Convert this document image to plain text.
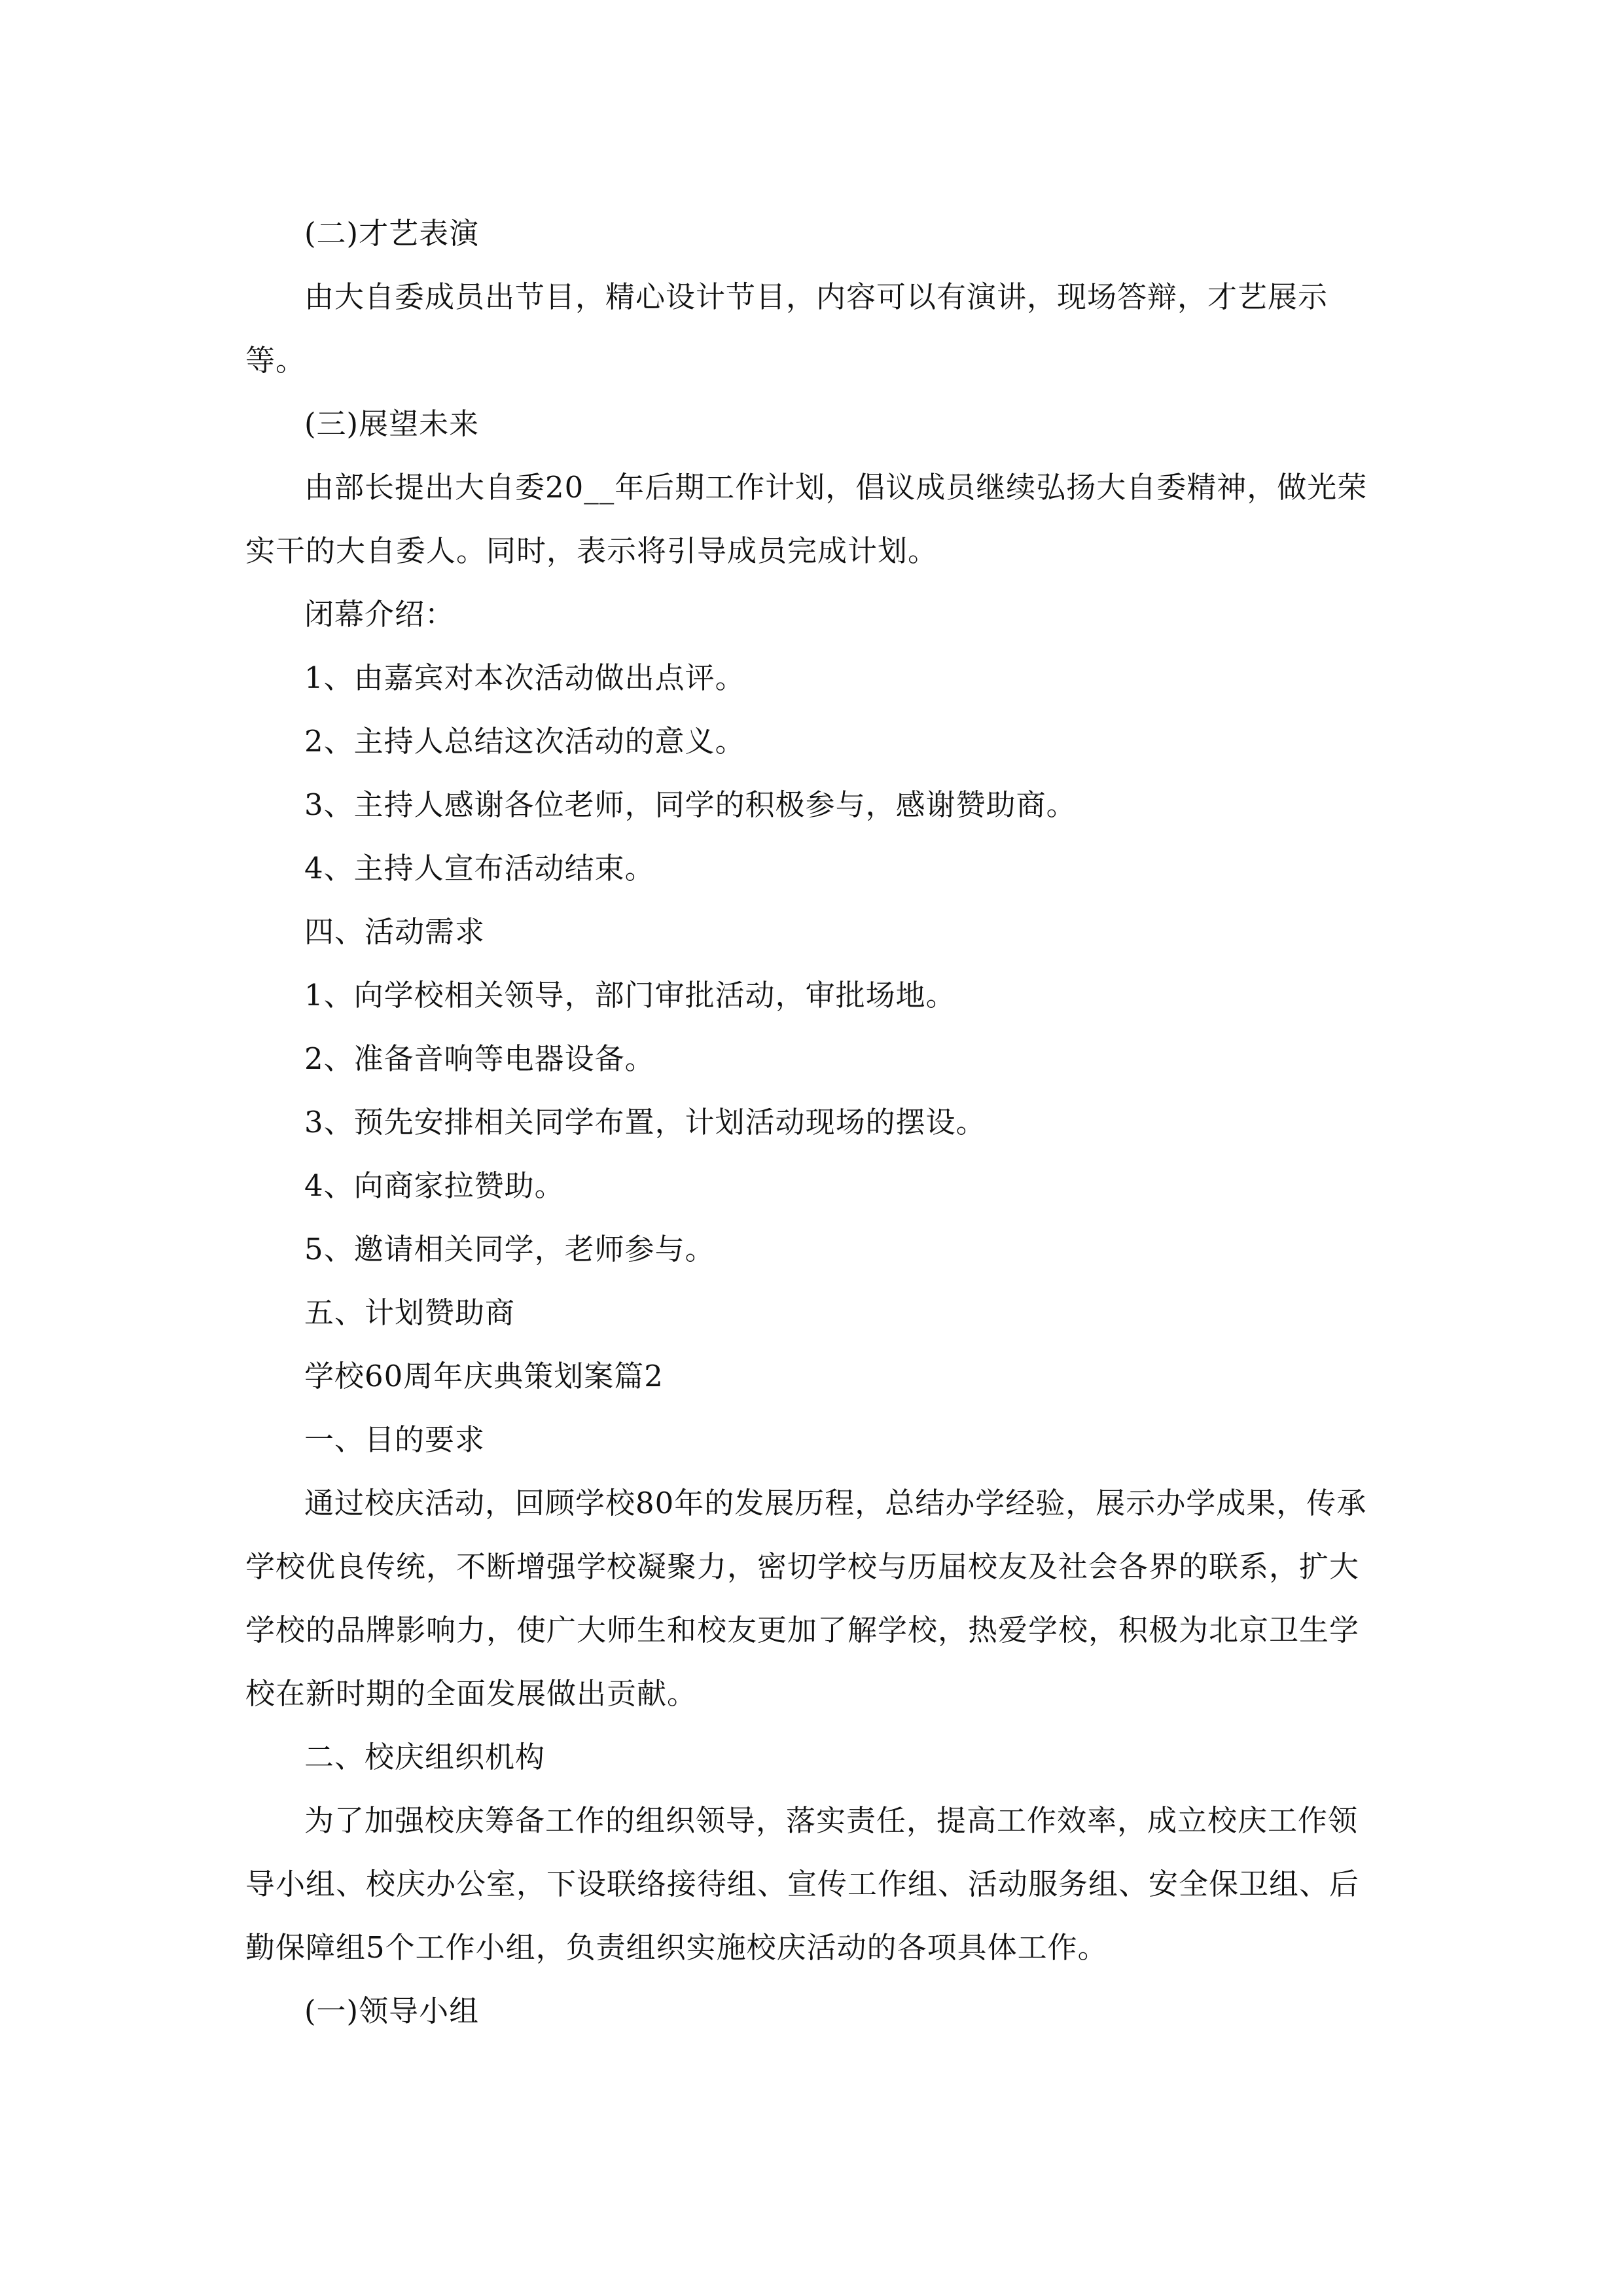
(二)才艺表演

由大自委成员出节目，精心设计节目，内容可以有演讲，现场答辩，才艺展示等。

(三)展望未来

由部长提出大自委20__年后期工作计划，倡议成员继续弘扬大自委精神，做光荣实干的大自委人。同时，表示将引导成员完成计划。

闭幕介绍：

1、由嘉宾对本次活动做出点评。

2、主持人总结这次活动的意义。

3、主持人感谢各位老师，同学的积极参与，感谢赞助商。

4、主持人宣布活动结束。

四、活动需求

1、向学校相关领导，部门审批活动，审批场地。

2、准备音响等电器设备。

3、预先安排相关同学布置，计划活动现场的摆设。

4、向商家拉赞助。

5、邀请相关同学，老师参与。

五、计划赞助商

学校60周年庆典策划案篇2

一、目的要求

通过校庆活动，回顾学校80年的发展历程，总结办学经验，展示办学成果，传承学校优良传统，不断增强学校凝聚力，密切学校与历届校友及社会各界的联系，扩大学校的品牌影响力，使广大师生和校友更加了解学校，热爱学校，积极为北京卫生学校在新时期的全面发展做出贡献。

二、校庆组织机构

为了加强校庆筹备工作的组织领导，落实责任，提高工作效率，成立校庆工作领导小组、校庆办公室，下设联络接待组、宣传工作组、活动服务组、安全保卫组、后勤保障组5个工作小组，负责组织实施校庆活动的各项具体工作。

(一)领导小组
